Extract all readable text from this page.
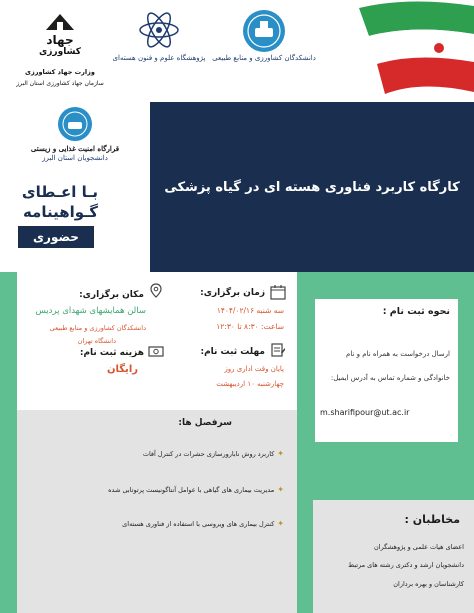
دانشکدگان کشاورزی و منابع طبیعی
پژوهشگاه علوم و فنون هسته‌ای
جهاد
کشاورزی
وزارت جهاد کشاورزی
سازمان جهاد کشاورزی استان البرز
قرارگاه امنیت غذایی و زیستی
دانشجویان استان البرز
بـا اعـطای
گـواهینامه
حضوری
کارگاه کاربرد فناوری هسته ای در گیاه پزشکی
زمان برگزاری:
سه شنبه ۱۴۰۴/۰۲/۱۶
ساعت: ۸:۳۰ تا ۱۲:۳۰
مکان برگزاری:
سالن همایشهای شهدای پردیس
دانشکدگان کشاورزی و منابع طبیعی
دانشگاه تهران
مهلت ثبت نام:
پایان وقت اداری روز
چهارشنبه ۱۰ اردیبهشت
هزینه ثبت نام:
رایگان
نحوه ثبت نام :
ارسال درخواست به همراه نام و نام
خانوادگی و شماره تماس به آدرس ایمیل:
m.sharifipour@ut.ac.ir
سرفصل ها:
✦
کاربرد روش نابارورسازی حشرات در کنترل آفات
✦
مدیریت بیماری های گیاهی با عوامل آنتاگونیست پرتوتابی شده
✦
کنترل بیماری های ویروسی با استفاده از فناوری هسته‌ای	مخاطبان :
اعضای هیات علمی و پژوهشگران
دانشجویان ارشد و دکتری رشته های مرتبط
کارشناسان و بهره برداران
